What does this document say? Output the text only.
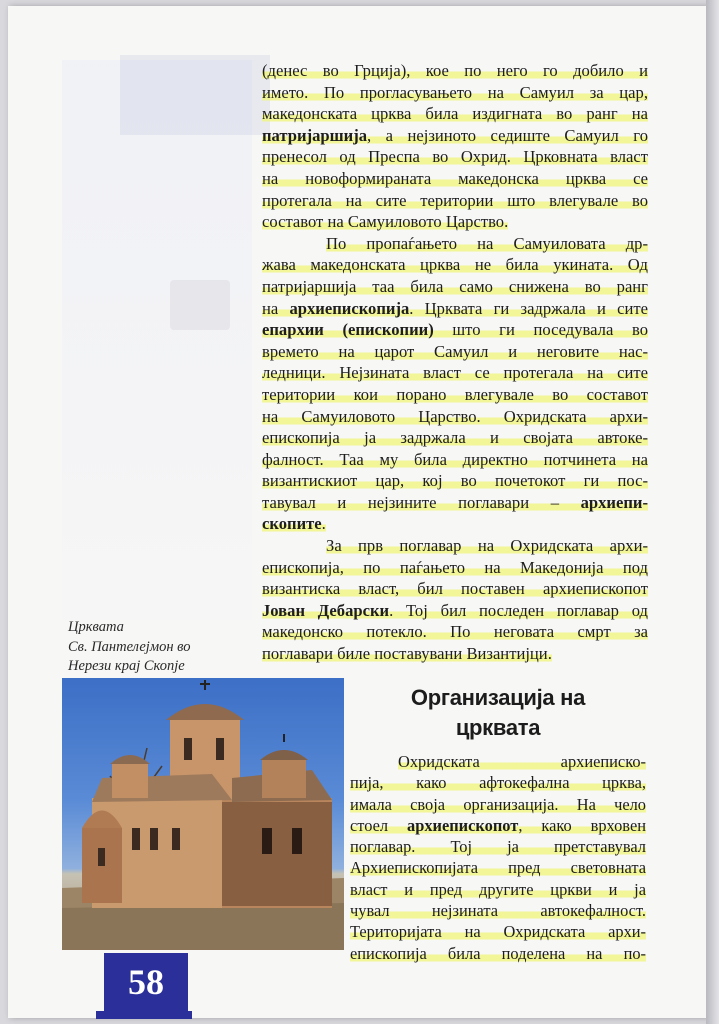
(денес во Грција), кое по него го добило и
името. По прогласувањето на Самуил за цар,
македонската црква била издигната во ранг на
патријаршија, а нејзиното седиште Самуил го
пренесол од Преспа во Охрид. Црковната власт
на новоформираната македонска црква се
протегала на сите територии што влегувале во
составот на Самуиловото Царство.
По пропаѓањето на Самуиловата др-
жава македонската црква не била укината. Од
патријаршија таа била само снижена во ранг
на архиепископија. Црквата ги задржала и сите
епархии (епископии) што ги поседувала во
времето на царот Самуил и неговите нас-
ледници. Нејзината власт се протегала на сите
територии кои порано влегувале во составот
на Самуиловото Царство. Охридската архи-
епископија ја задржала и својата автоке-
фалност. Таа му била директно потчинета на
византискиот цар, кој во почетокот ги пос-
тавувал и нејзините поглавари – архиепи-
скопите.
За прв поглавар на Охридската архи-
епископија, по паѓањето на Македонија под
византиска власт, бил поставен архиепископот
Јован Дебарски. Тој бил последен поглавар од
македонско потекло. По неговата смрт за
поглавари биле поставувани Византијци.
Црквата
Св. Пантелејмон во
Нерези крај Скопје
Организација на
црквата
Охридската архиеписко-
пија, како афтокефална црква,
имала своја организација. На чело
стоел архиепископот, како врховен
поглавар. Тој ја претставувал
Архиепископијата пред световната
власт и пред другите цркви и ја
чувал нејзината автокефалност.
Територијата на Охридската архи-
епископија била поделена на по-
58
